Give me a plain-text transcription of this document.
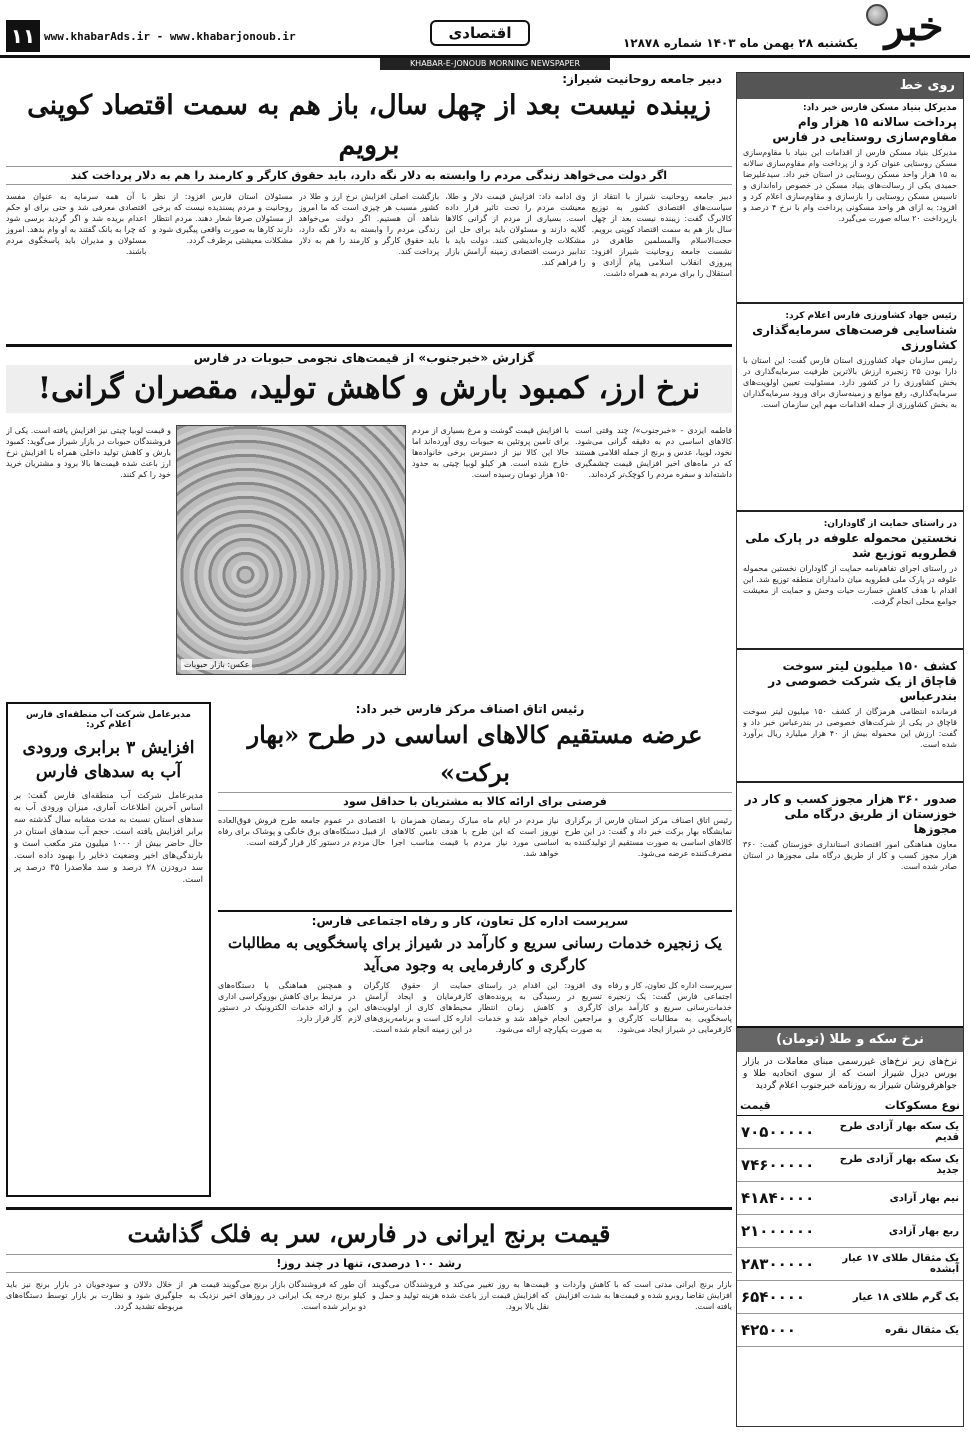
خبر
یکشنبه ۲۸ بهمن ماه ۱۴۰۳ شماره ۱۲۸۷۸
اقتصادی
www.khabarAds.ir - www.khabarjonoub.ir
۱۱
KHABAR-E-JONOUB MORNING NEWSPAPER
روی خط
مدیرکل بنیاد مسکن فارس خبر داد:
پرداخت سالانه ۱۵ هزار وام مقاوم‌سازی روستایی در فارس
مدیرکل بنیاد مسکن فارس از اقدامات این بنیاد با مقاوم‌سازی مسکن روستایی عنوان کرد و از پرداخت وام مقاوم‌سازی سالانه به ۱۵ هزار واحد مسکن روستایی در استان خبر داد. سیدعلیرضا حمیدی یکی از رسالت‌های بنیاد مسکن در خصوص راه‌اندازی و تاسیس مسکن روستایی را بازسازی و مقاوم‌سازی اعلام کرد و افزود: به ازای هر واحد مسکونی پرداخت وام با نرخ ۴ درصد و بازپرداخت ۲۰ ساله صورت می‌گیرد.
رئیس جهاد کشاورزی فارس اعلام کرد:
شناسایی فرصت‌های سرمایه‌گذاری کشاورزی
رئیس سازمان جهاد کشاورزی استان فارس گفت: این استان با دارا بودن ۲۵ زنجیره ارزش بالاترین ظرفیت سرمایه‌گذاری در بخش کشاورزی را در کشور دارد. مسئولیت تعیین اولویت‌های سرمایه‌گذاری، رفع موانع و زمینه‌سازی برای ورود سرمایه‌گذاران به بخش کشاورزی از جمله اقدامات مهم این سازمان است.
در راستای حمایت از گاوداران:
نخستین محموله علوفه در پارک ملی قطرویه توزیع شد
در راستای اجرای تفاهم‌نامه حمایت از گاوداران نخستین محموله علوفه در پارک ملی قطرویه میان دامداران منطقه توزیع شد. این اقدام با هدف کاهش خسارت حیات وحش و حمایت از معیشت جوامع محلی انجام گرفت.
کشف ۱۵۰ میلیون لیتر سوخت قاچاق از یک شرکت خصوصی در بندرعباس
فرمانده انتظامی هرمزگان از کشف ۱۵۰ میلیون لیتر سوخت قاچاق در یکی از شرکت‌های خصوصی در بندرعباس خبر داد و گفت: ارزش این محموله بیش از ۴۰ هزار میلیارد ریال برآورد شده است.
صدور ۳۶۰ هزار مجوز کسب و کار در خوزستان از طریق درگاه ملی مجوزها
معاون هماهنگی امور اقتصادی استانداری خوزستان گفت: ۳۶۰ هزار مجوز کسب و کار از طریق درگاه ملی مجوزها در استان صادر شده است.
نرخ سکه و طلا (تومان)
نرخ‌های زیر نرخ‌های غیررسمی مبنای معاملات در بازار بورس دیزل شیراز است که از سوی اتحادیه طلا و جواهرفروشان شیراز به روزنامه خبرجنوب اعلام گردید
نوع مسکوکات	قیمت
یک سکه بهار آزادی طرح قدیم	۷۰۵۰۰۰۰۰
یک سکه بهار آزادی طرح جدید	۷۴۶۰۰۰۰۰
نیم بهار آزادی	۴۱۸۴۰۰۰۰
ربع بهار آزادی	۲۱۰۰۰۰۰۰
یک مثقال طلای ۱۷ عیار آبشده	۲۸۳۰۰۰۰۰
یک گرم طلای ۱۸ عیار	۶۵۴۰۰۰۰
یک مثقال نقره	۴۲۵۰۰۰
دبیر جامعه روحانیت شیراز:
زیبنده نیست بعد از چهل سال، باز هم به سمت اقتصاد کوپنی برویم
اگر دولت می‌خواهد زندگی مردم را وابسته به دلار نگه دارد، باید حقوق کارگر و کارمند را هم به دلار پرداخت کند
دبیر جامعه روحانیت شیراز با انتقاد از سیاست‌های اقتصادی کشور به توزیع کالابرگ گفت: زیبنده نیست بعد از چهل سال باز هم به سمت اقتصاد کوپنی برویم. حجت‌الاسلام والمسلمین طاهری در نشست جامعه روحانیت شیراز افزود: پیروزی انقلاب اسلامی پیام آزادی و استقلال را برای مردم به همراه داشت.
وی ادامه داد: افزایش قیمت دلار و طلا، معیشت مردم را تحت تاثیر قرار داده است. بسیاری از مردم از گرانی کالاها گلایه دارند و مسئولان باید برای حل این مشکلات چاره‌اندیشی کنند. دولت باید با تدابیر درست اقتصادی زمینه آرامش بازار را فراهم کند.
بازگشت اصلی افزایش نرخ ارز و طلا در کشور مسبب هر چیزی است که ما امروز شاهد آن هستیم. اگر دولت می‌خواهد زندگی مردم را وابسته به دلار نگه دارد، باید حقوق کارگر و کارمند را هم به دلار پرداخت کند.
مسئولان استان فارس افزود: از نظر روحانیت و مردم پسندیده نیست که برخی از مسئولان صرفا شعار دهند. مردم انتظار دارند کارها به صورت واقعی پیگیری شود و مشکلات معیشتی برطرف گردد.
با آن همه سرمایه به عنوان مفسد اقتصادی معرفی شد و حتی برای او حکم اعدام بریده شد و اگر گردید برسی شود که چرا به بانک گفتند به او وام بدهد. امروز مسئولان و مدیران باید پاسخگوی مردم باشند.
گزارش «خبرجنوب» از قیمت‌های نجومی حبوبات در فارس
نرخ ارز، کمبود بارش و کاهش تولید، مقصران گرانی!
فاطمه ایزدی - «خبرجنوب»/ چند وقتی است کالاهای اساسی دم به دقیقه گرانی می‌شود. نخود، لوبیا، عدس و برنج از جمله اقلامی هستند که در ماه‌های اخیر افزایش قیمت چشمگیری داشته‌اند و سفره مردم را کوچک‌تر کرده‌اند.
با افزایش قیمت گوشت و مرغ بسیاری از مردم برای تامین پروتئین به حبوبات روی آورده‌اند اما حالا این کالا نیز از دسترس برخی خانواده‌ها خارج شده است. هر کیلو لوبیا چیتی به حدود ۱۵۰ هزار تومان رسیده است.
عکس: بازار حبوبات
و قیمت لوبیا چیتی نیز افزایش یافته است. یکی از فروشندگان حبوبات در بازار شیراز می‌گوید: کمبود بارش و کاهش تولید داخلی همراه با افزایش نرخ ارز باعث شده قیمت‌ها بالا برود و مشتریان خرید خود را کم کنند.
مدیرعامل شرکت آب منطقه‌ای فارس اعلام کرد:
افزایش ۳ برابری ورودی آب به سدهای فارس
مدیرعامل شرکت آب منطقه‌ای فارس گفت: بر اساس آخرین اطلاعات آماری، میزان ورودی آب به سدهای استان نسبت به مدت مشابه سال گذشته سه برابر افزایش یافته است. حجم آب سدهای استان در حال حاضر بیش از ۱۰۰۰ میلیون متر مکعب است و بارندگی‌های اخیر وضعیت ذخایر را بهبود داده است. سد درودزن ۲۸ درصد و سد ملاصدرا ۳۵ درصد پر است.
رئیس اتاق اصناف مرکز فارس خبر داد:
عرضه مستقیم کالاهای اساسی در طرح «بهار برکت»
فرصتی برای ارائه کالا به مشتریان با حداقل سود
رئیس اتاق اصناف مرکز استان فارس از برگزاری نمایشگاه بهار برکت خبر داد و گفت: در این طرح کالاهای اساسی به صورت مستقیم از تولیدکننده به مصرف‌کننده عرضه می‌شود.
نیاز مردم در ایام ماه مبارک رمضان همزمان با نوروز است که این طرح با هدف تامین کالاهای اساسی مورد نیاز مردم با قیمت مناسب اجرا خواهد شد.
اقتصادی در عموم جامعه طرح فروش فوق‌العاده از قبیل دستگاه‌های برق خانگی و پوشاک برای رفاه حال مردم در دستور کار قرار گرفته است.
سرپرست اداره کل تعاون، کار و رفاه اجتماعی فارس:
یک زنجیره خدمات رسانی سریع و کارآمد در شیراز برای پاسخگویی به مطالبات کارگری و کارفرمایی به وجود می‌آید
سرپرست اداره کل تعاون، کار و رفاه اجتماعی فارس گفت: یک زنجیره خدمات‌رسانی سریع و کارآمد برای پاسخگویی به مطالبات کارگری و کارفرمایی در شیراز ایجاد می‌شود.
وی افزود: این اقدام در راستای تسریع در رسیدگی به پرونده‌های کارگری و کاهش زمان انتظار مراجعین انجام خواهد شد و خدمات به صورت یکپارچه ارائه می‌شود.
حمایت از حقوق کارگران و کارفرمایان و ایجاد آرامش در محیط‌های کاری از اولویت‌های این اداره کل است و برنامه‌ریزی‌های لازم در این زمینه انجام شده است.
همچنین هماهنگی با دستگاه‌های مرتبط برای کاهش بوروکراسی اداری و ارائه خدمات الکترونیک در دستور کار قرار دارد.
قیمت برنج ایرانی در فارس، سر به فلک گذاشت
رشد ۱۰۰ درصدی، تنها در چند روز!
بازار برنج ایرانی مدتی است که با کاهش واردات و افزایش تقاضا روبرو شده و قیمت‌ها به شدت افزایش یافته است.
قیمت‌ها به روز تغییر می‌کند و فروشندگان می‌گویند که افزایش قیمت ارز باعث شده هزینه تولید و حمل و نقل بالا برود.
آن طور که فروشندگان بازار برنج می‌گویند قیمت هر کیلو برنج درجه یک ایرانی در روزهای اخیر نزدیک به دو برابر شده است.
از خلال دلالان و سودجویان در بازار برنج نیز باید جلوگیری شود و نظارت بر بازار توسط دستگاه‌های مربوطه تشدید گردد.
